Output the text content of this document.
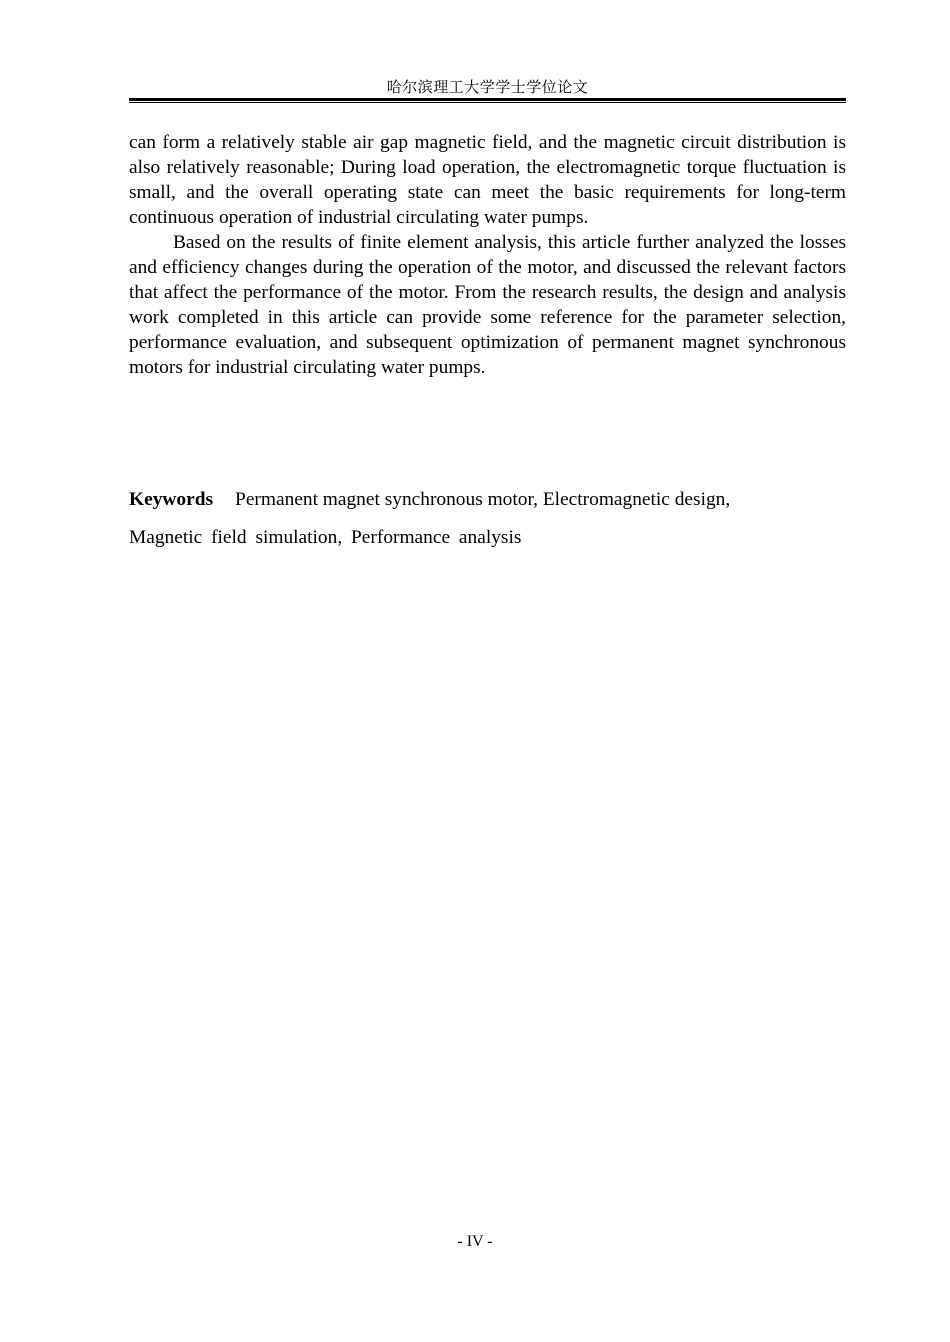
哈尔滨理工大学学士学位论文

can form a relatively stable air gap magnetic field, and the magnetic circuit distribution is also relatively reasonable; During load operation, the electromagnetic torque fluctuation is small, and the overall operating state can meet the basic requirements for long-term continuous operation of industrial circulating water pumps.

Based on the results of finite element analysis, this article further analyzed the losses and efficiency changes during the operation of the motor, and discussed the relevant factors that affect the performance of the motor. From the research results, the design and analysis work completed in this article can provide some reference for the parameter selection, performance evaluation, and subsequent optimization of permanent magnet synchronous motors for industrial circulating water pumps.

Keywords Permanent magnet synchronous motor, Electromagnetic design,
Magnetic field simulation, Performance analysis

- IV -
